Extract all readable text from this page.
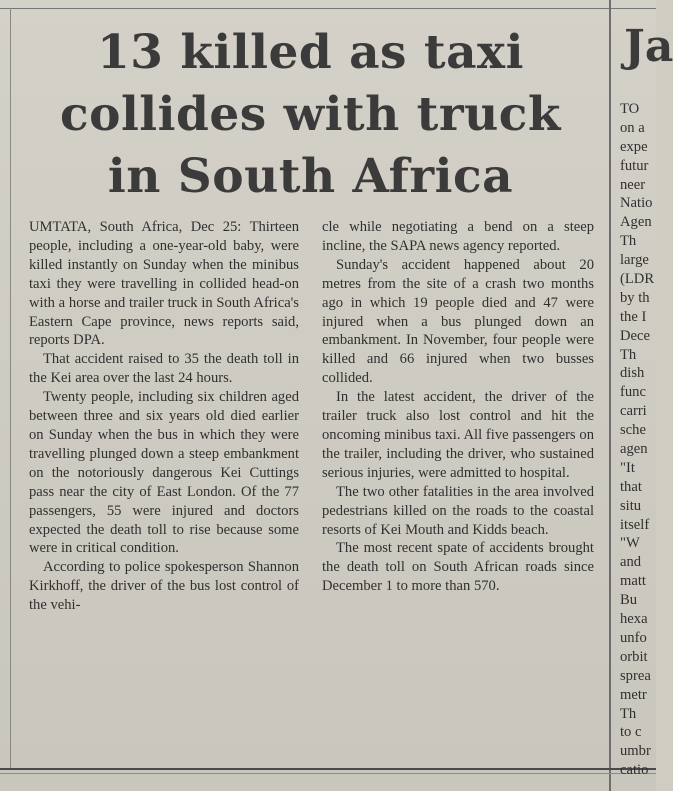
13 killed as taxi
collides with truck
in South Africa

UMTATA, South Africa, Dec 25: Thirteen people, including a one-year-old baby, were killed instantly on Sunday when the minibus taxi they were travelling in collided head-on with a horse and trailer truck in South Africa's Eastern Cape province, news reports said, reports DPA.

That accident raised to 35 the death toll in the Kei area over the last 24 hours.

Twenty people, including six children aged between three and six years old died earlier on Sunday when the bus in which they were travelling plunged down a steep embankment on the notoriously dangerous Kei Cuttings pass near the city of East London. Of the 77 passengers, 55 were injured and doctors expected the death toll to rise because some were in critical condition.

According to police spokesperson Shannon Kirkhoff, the driver of the bus lost control of the vehi-

cle while negotiating a bend on a steep incline, the SAPA news agency reported.

Sunday's accident happened about 20 metres from the site of a crash two months ago in which 19 people died and 47 were injured when a bus plunged down an embankment. In November, four people were killed and 66 injured when two busses collided.

In the latest accident, the driver of the trailer truck also lost control and hit the oncoming minibus taxi. All five passengers on the trailer, including the driver, who sustained serious injuries, were admitted to hospital.

The two other fatalities in the area involved pedestrians killed on the roads to the coastal resorts of Kei Mouth and Kidds beach.

The most recent spate of accidents brought the death toll on South African roads since December 1 to more than 570.

Ja
TO
on a
expe
futur
neer
Natio
Agen
Th
large
(LDR
by th
the I
Dece
Th
dish
func
carri
sche
agen
"It
that
situ
itself
"W
and
matt
Bu
hexa
unfo
orbit
sprea
metr
Th
to c
umbr
catio
